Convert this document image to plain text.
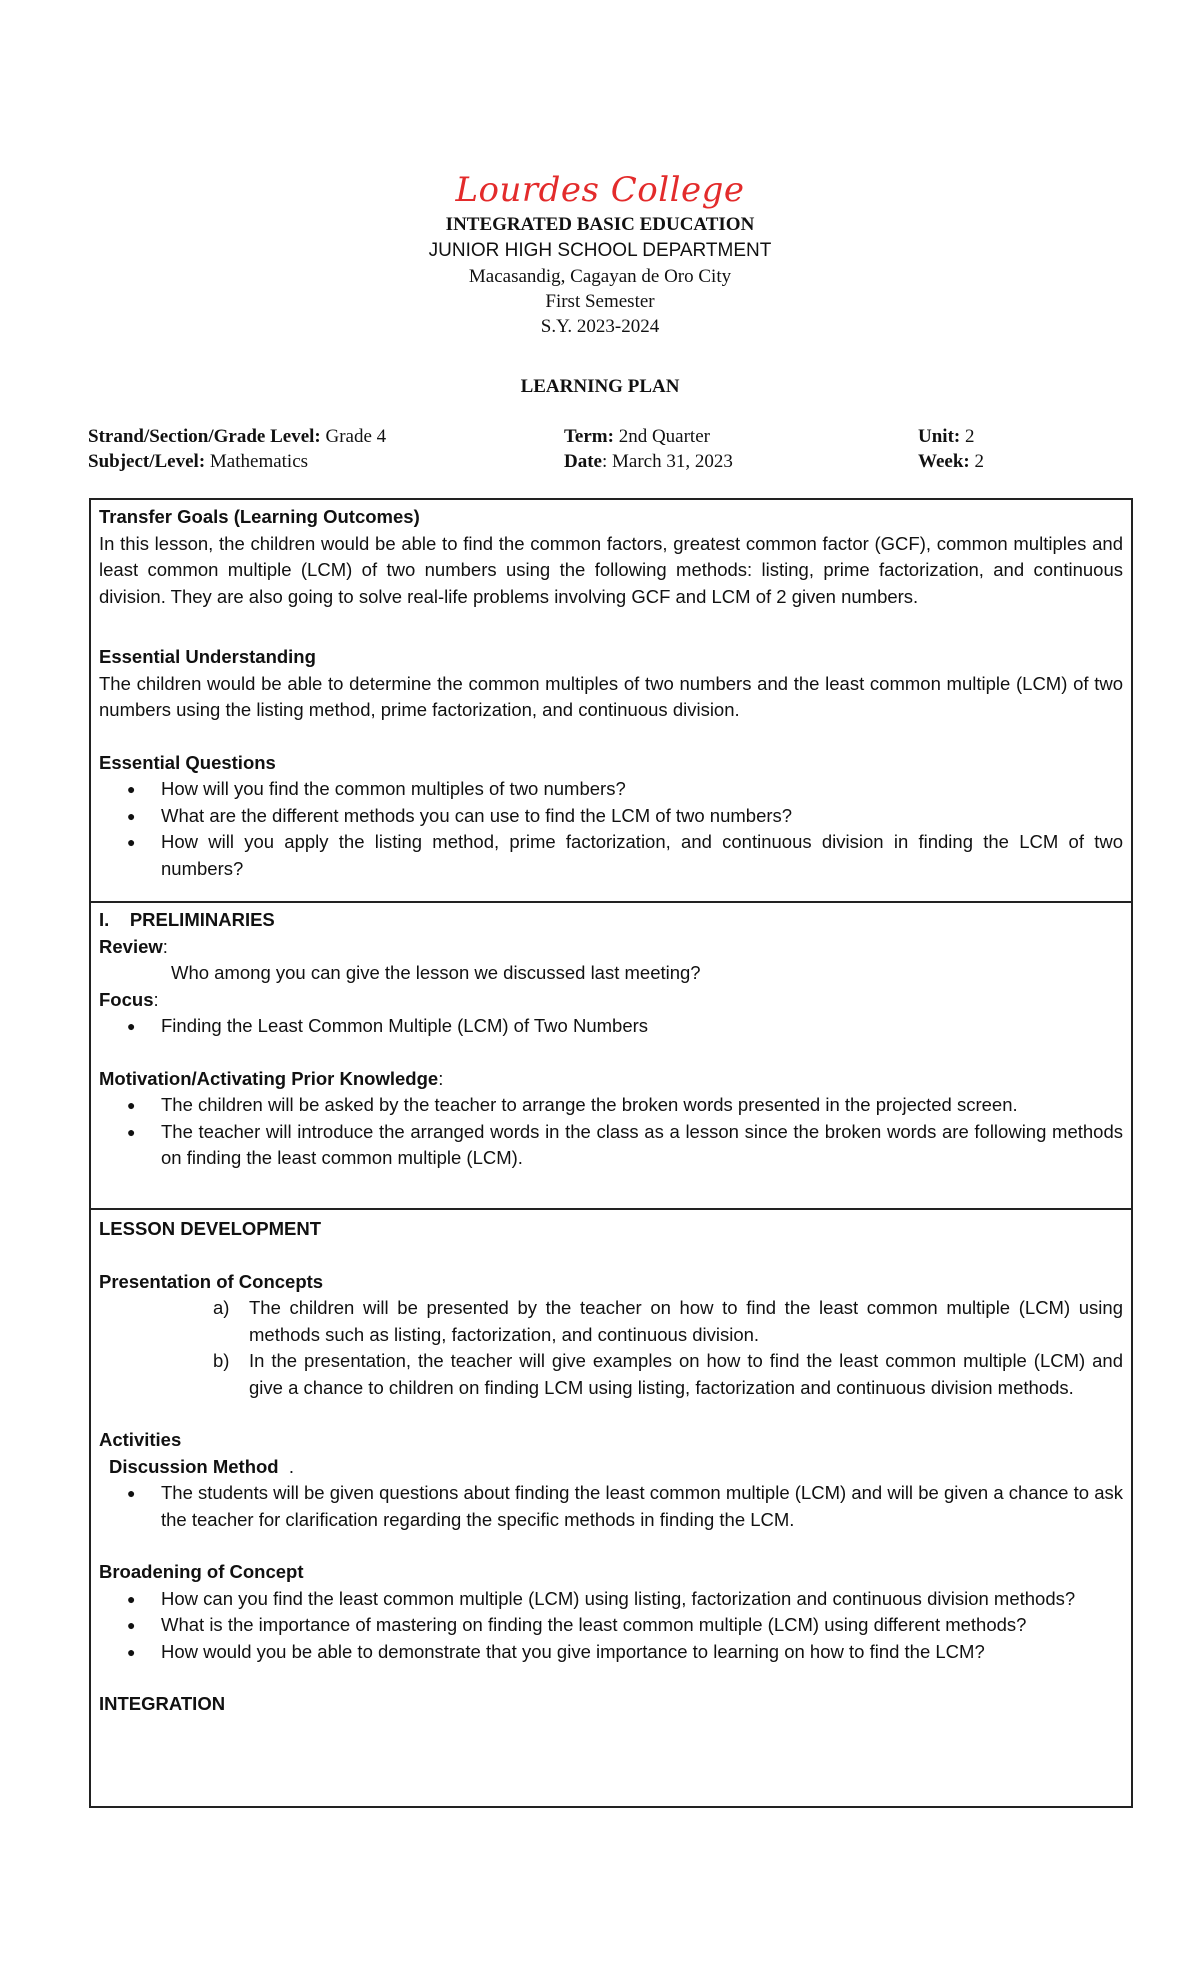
Lourdes College
INTEGRATED BASIC EDUCATION
JUNIOR HIGH SCHOOL DEPARTMENT
Macasandig, Cagayan de Oro City
First Semester
S.Y. 2023-2024
LEARNING PLAN
Strand/Section/Grade Level: Grade 4
Subject/Level: Mathematics
Term: 2nd Quarter
Date: March 31, 2023
Unit: 2
Week: 2
Transfer Goals (Learning Outcomes)
In this lesson, the children would be able to find the common factors, greatest common factor (GCF), common multiples and least common multiple (LCM) of two numbers using the following methods: listing, prime factorization, and continuous division. They are also going to solve real-life problems involving GCF and LCM of 2 given numbers.
Essential Understanding
The children would be able to determine the common multiples of two numbers and the least common multiple (LCM) of two numbers using the listing method, prime factorization, and continuous division.
Essential Questions
● How will you find the common multiples of two numbers?
● What are the different methods you can use to find the LCM of two numbers?
● How will you apply the listing method, prime factorization, and continuous division in finding the LCM of two numbers?
I.    PRELIMINARIES
Review:
Who among you can give the lesson we discussed last meeting?
Focus:
● Finding the Least Common Multiple (LCM) of Two Numbers
Motivation/Activating Prior Knowledge:
● The children will be asked by the teacher to arrange the broken words presented in the projected screen.
● The teacher will introduce the arranged words in the class as a lesson since the broken words are following methods on finding the least common multiple (LCM).
LESSON DEVELOPMENT
Presentation of Concepts
a) The children will be presented by the teacher on how to find the least common multiple (LCM) using methods such as listing, factorization, and continuous division.
b) In the presentation, the teacher will give examples on how to find the least common multiple (LCM) and give a chance to children on finding LCM using listing, factorization and continuous division methods.
Activities
Discussion Method .
● The students will be given questions about finding the least common multiple (LCM) and will be given a chance to ask the teacher for clarification regarding the specific methods in finding the LCM.
Broadening of Concept
● How can you find the least common multiple (LCM) using listing, factorization and continuous division methods?
● What is the importance of mastering on finding the least common multiple (LCM) using different methods?
● How would you be able to demonstrate that you give importance to learning on how to find the LCM?
INTEGRATION
